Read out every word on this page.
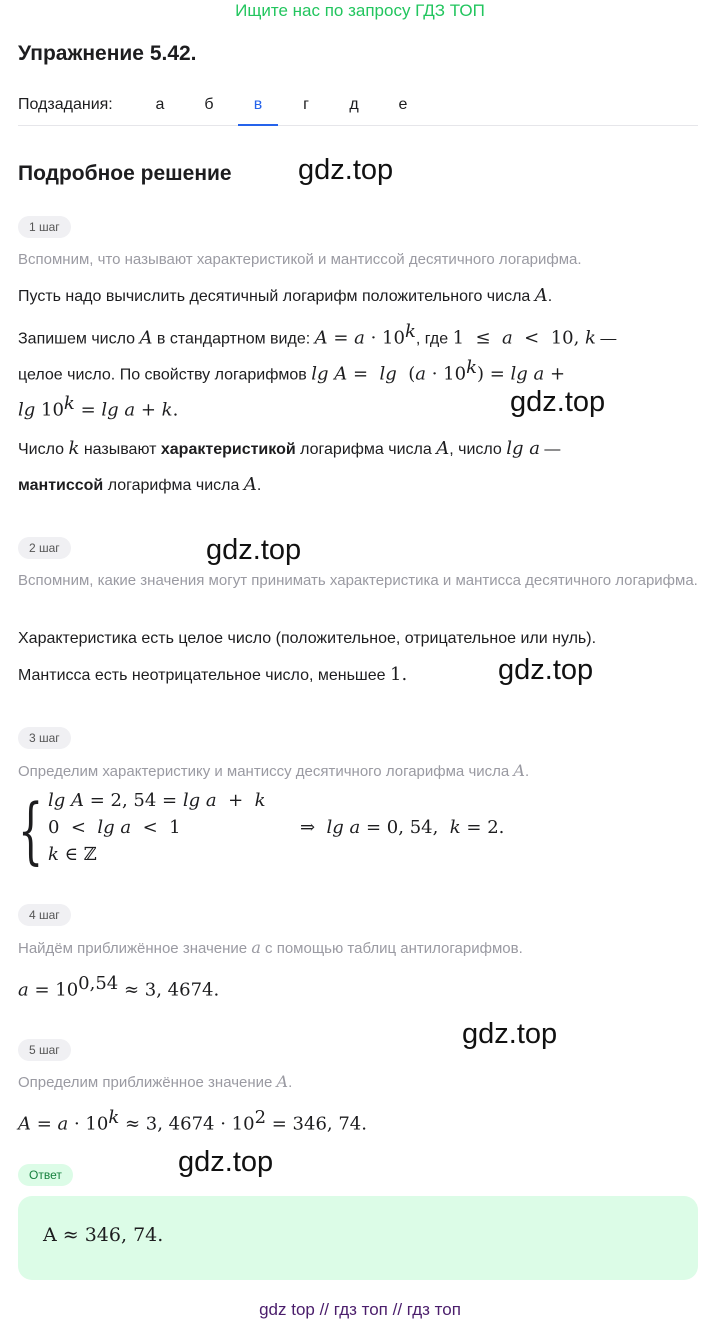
Ищите нас по запросу ГДЗ ТОП
Упражнение 5.42.
Подзадания:	а	б	в	г	д	е
Подробное решение gdz.top
gdz.top
gdz.top
gdz.top
gdz.top
gdz.top
1 шаг
Вспомним, что называют характеристикой и мантиссой десятичного логарифма.
Пусть надо вычислить десятичный логарифм положительного числа A.
Запишем число A в стандартном виде: $A = a \cdot 10^k$, где 1  ≤  a  <  10, k —
целое число. По свойству логарифмов $\lg A = \lg (a \cdot 10^k) = \lg a$ +
$\lg 10^k = \lg a + k$.
Число k называют характеристикой логарифма числа A, число lg a —
мантиссой логарифма числа A.
2 шаг
Вспомним, какие значения могут принимать характеристика и мантисса десятичного логарифма.
Характеристика есть целое число (положительное, отрицательное или нуль).
Мантисса есть неотрицательное число, меньшее 1.
3 шаг
Определим характеристику и мантиссу десятичного логарифма числа A.
{ lg A = 2, 54 = lg a  +  k
0  <  lg a  <  1
k ∈ ℤ
⇒  lg a = 0, 54,  k = 2.
4 шаг
Найдём приближённое значение a с помощью таблиц антилогарифмов.
$a = 10^{0,54} \approx 3$, 4674.
5 шаг
Определим приближённое значение A.
$A = a \cdot 10^k \approx 3$, $4674 \cdot 10^2 = 346$, 74.
Ответ
A ≈ 346, 74.
gdz top // гдз топ // гдз топ
